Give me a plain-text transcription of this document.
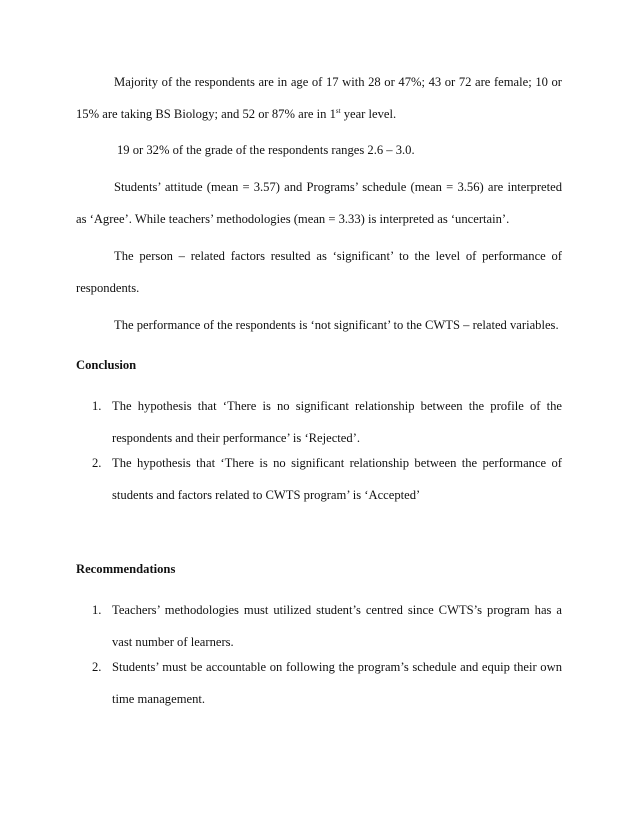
Majority of the respondents are in age of 17 with 28 or 47%; 43 or 72 are female; 10 or 15% are taking BS Biology; and 52 or 87% are in 1st year level.

19 or 32% of the grade of the respondents ranges 2.6 – 3.0.

Students’ attitude (mean = 3.57) and Programs’ schedule (mean = 3.56) are interpreted as ‘Agree’. While teachers’ methodologies (mean = 3.33) is interpreted as ‘uncertain’.

The person – related factors resulted as ‘significant’ to the level of performance of respondents.

The performance of the respondents is ‘not significant’ to the CWTS – related variables.

Conclusion
1. The hypothesis that ‘There is no significant relationship between the profile of the respondents and their performance’ is ‘Rejected’.
2. The hypothesis that ‘There is no significant relationship between the performance of students and factors related to CWTS program’ is ‘Accepted’
Recommendations
1. Teachers’ methodologies must utilized student’s centred since CWTS’s program has a vast number of learners.
2. Students’ must be accountable on following the program’s schedule and equip their own time management.
